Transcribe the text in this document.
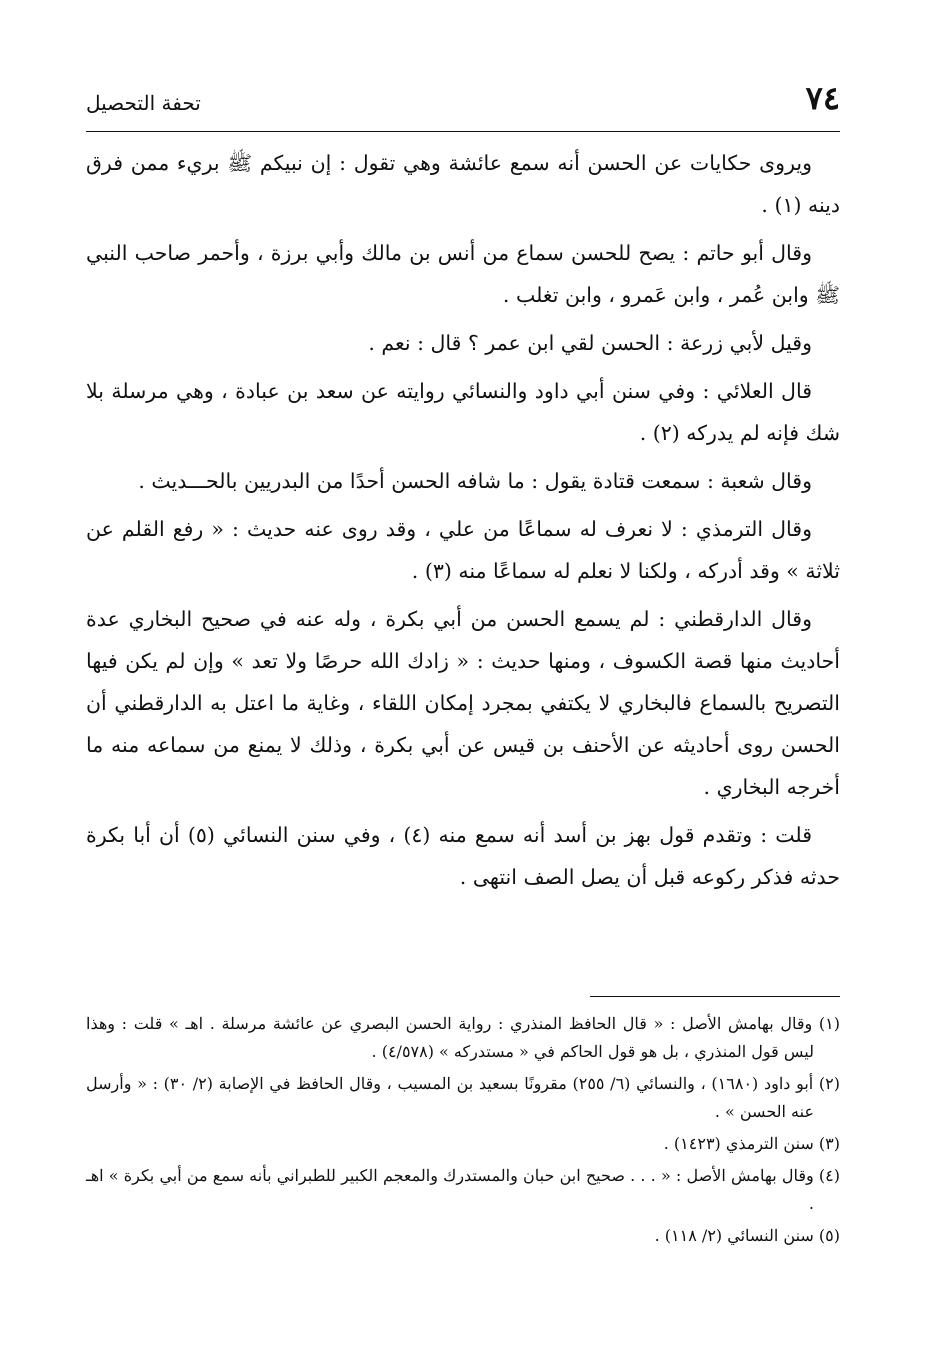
٧٤
تحفة التحصيل

ويروى حكايات عن الحسن أنه سمع عائشة وهي تقول : إن نبيكم ﷺ بريء ممن فرق دينه (١) .

وقال أبو حاتم : يصح للحسن سماع من أنس بن مالك وأبي برزة ، وأحمر صاحب النبي ﷺ وابن عُمر ، وابن عَمرو ، وابن تغلب .

وقيل لأبي زرعة : الحسن لقي ابن عمر ؟ قال : نعم .

قال العلائي : وفي سنن أبي داود والنسائي روايته عن سعد بن عبادة ، وهي مرسلة بلا شك فإنه لم يدركه (٢) .

وقال شعبة : سمعت قتادة يقول : ما شافه الحسن أحدًا من البدريين بالحـــديث .

وقال الترمذي : لا نعرف له سماعًا من علي ، وقد روى عنه حديث : « رفع القلم عن ثلاثة » وقد أدركه ، ولكنا لا نعلم له سماعًا منه (٣) .

وقال الدارقطني : لم يسمع الحسن من أبي بكرة ، وله عنه في صحيح البخاري عدة أحاديث منها قصة الكسوف ، ومنها حديث : « زادك الله حرصًا ولا تعد » وإن لم يكن فيها التصريح بالسماع فالبخاري لا يكتفي بمجرد إمكان اللقاء ، وغاية ما اعتل به الدارقطني أن الحسن روى أحاديثه عن الأحنف بن قيس عن أبي بكرة ، وذلك لا يمنع من سماعه منه ما أخرجه البخاري .

قلت : وتقدم قول بهز بن أسد أنه سمع منه (٤) ، وفي سنن النسائي (٥) أن أبا بكرة حدثه فذكر ركوعه قبل أن يصل الصف انتهى .

(١) وقال بهامش الأصل : « قال الحافظ المنذري : رواية الحسن البصري عن عائشة مرسلة . اهـ » قلت : وهذا ليس قول المنذري ، بل هو قول الحاكم في « مستدركه » (٤/٥٧٨) .

(٢) أبو داود (١٦٨٠) ، والنسائي (٦/ ٢٥٥) مقرونًا بسعيد بن المسيب ، وقال الحافظ في الإصابة (٢/ ٣٠) : « وأرسل عنه الحسن » .

(٣) سنن الترمذي (١٤٢٣) .

(٤) وقال بهامش الأصل : « . . . صحيح ابن حبان والمستدرك والمعجم الكبير للطبراني بأنه سمع من أبي بكرة » اهـ .

(٥) سنن النسائي (٢/ ١١٨) .
